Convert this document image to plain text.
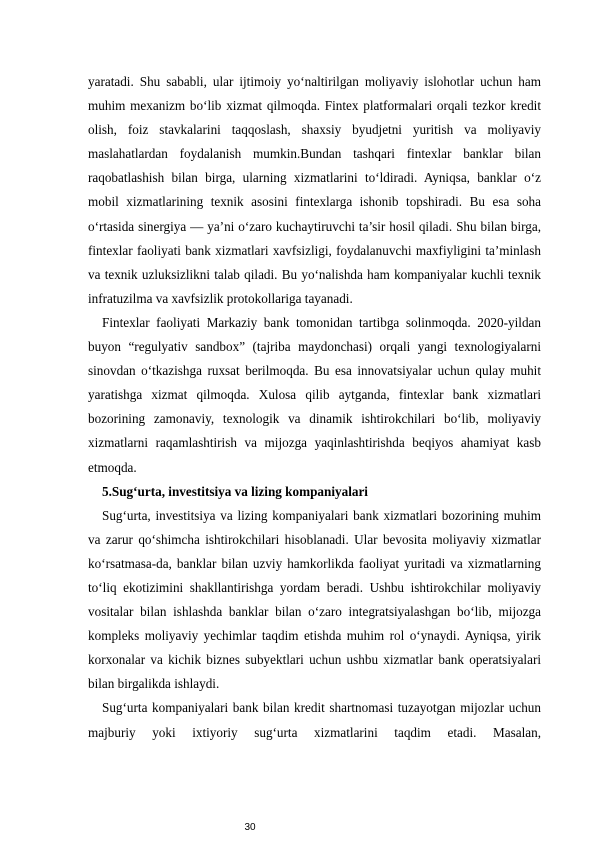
yaratadi. Shu sababli, ular ijtimoiy yo‘naltirilgan moliyaviy islohotlar uchun ham muhim mexanizm bo‘lib xizmat qilmoqda. Fintex platformalari orqali tezkor kredit olish, foiz stavkalarini taqqoslash, shaxsiy byudjetni yuritish va moliyaviy maslahatlardan foydalanish mumkin.Bundan tashqari fintexlar banklar bilan raqobatlashish bilan birga, ularning xizmatlarini to‘ldiradi. Ayniqsa, banklar o‘z mobil xizmatlarining texnik asosini fintexlarga ishonib topshiradi. Bu esa soha o‘rtasida sinergiya — ya’ni o‘zaro kuchaytiruvchi ta’sir hosil qiladi. Shu bilan birga, fintexlar faoliyati bank xizmatlari xavfsizligi, foydalanuvchi maxfiyligini ta’minlash va texnik uzluksizlikni talab qiladi. Bu yo‘nalishda ham kompaniyalar kuchli texnik infratuzilma va xavfsizlik protokollariga tayanadi.

Fintexlar faoliyati Markaziy bank tomonidan tartibga solinmoqda. 2020-yildan buyon “regulyativ sandbox” (tajriba maydonchasi) orqali yangi texnologiyalarni sinovdan o‘tkazishga ruxsat berilmoqda. Bu esa innovatsiyalar uchun qulay muhit yaratishga xizmat qilmoqda. Xulosa qilib aytganda, fintexlar bank xizmatlari bozorining zamonaviy, texnologik va dinamik ishtirokchilari bo‘lib, moliyaviy xizmatlarni raqamlashtirish va mijozga yaqinlashtirishda beqiyos ahamiyat kasb etmoqda.

5.Sug‘urta, investitsiya va lizing kompaniyalari

Sug‘urta, investitsiya va lizing kompaniyalari bank xizmatlari bozorining muhim va zarur qo‘shimcha ishtirokchilari hisoblanadi. Ular bevosita moliyaviy xizmatlar ko‘rsatmasa-da, banklar bilan uzviy hamkorlikda faoliyat yuritadi va xizmatlarning to‘liq ekotizimini shakllantirishga yordam beradi. Ushbu ishtirokchilar moliyaviy vositalar bilan ishlashda banklar bilan o‘zaro integratsiyalashgan bo‘lib, mijozga kompleks moliyaviy yechimlar taqdim etishda muhim rol o‘ynaydi. Ayniqsa, yirik korxonalar va kichik biznes subyektlari uchun ushbu xizmatlar bank operatsiyalari bilan birgalikda ishlaydi.

Sug‘urta kompaniyalari bank bilan kredit shartnomasi tuzayotgan mijozlar uchun majburiy yoki ixtiyoriy sug‘urta xizmatlarini taqdim etadi. Masalan,

30
